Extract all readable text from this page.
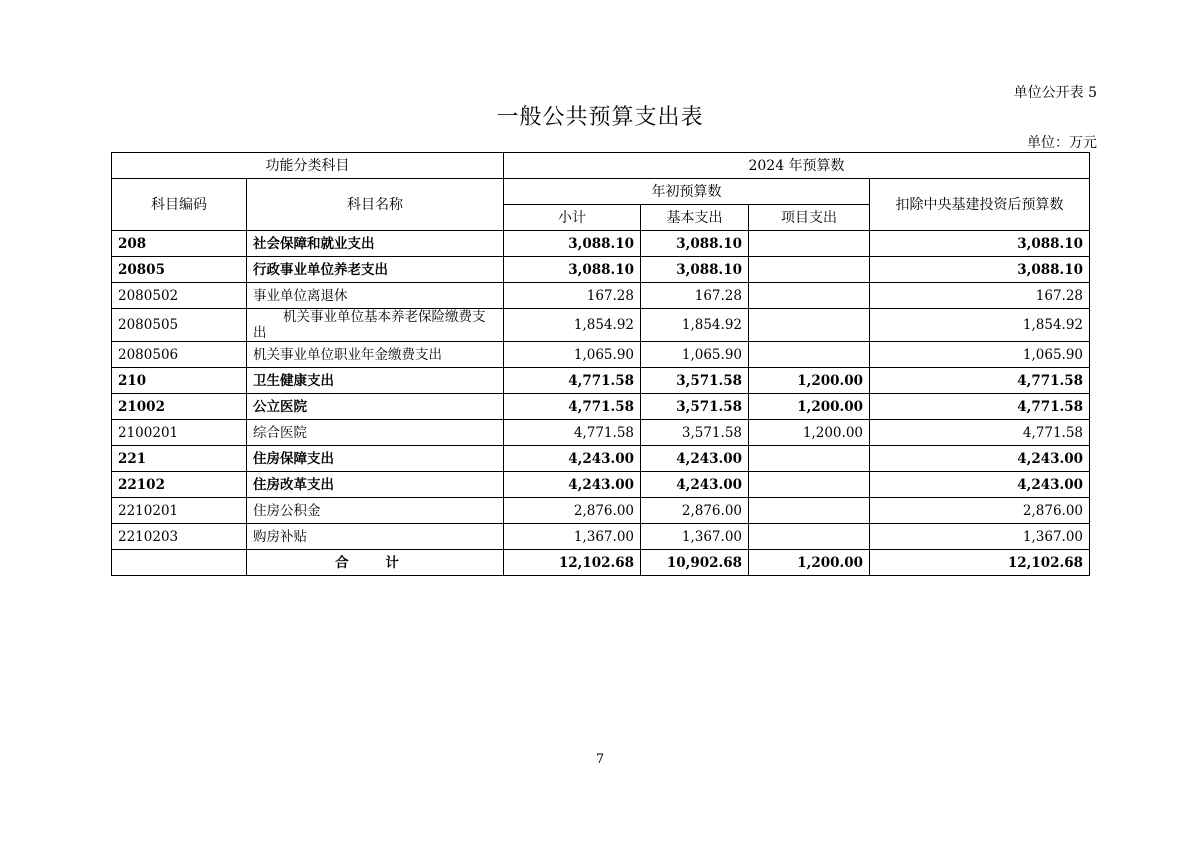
单位公开表 5
一般公共预算支出表
单位：万元
功能分类科目		2024 年预算数			
科目编码	科目名称	年初预算数			扣除中央基建投资后预算数
		小计	基本支出	项目支出	
208	社会保障和就业支出	3,088.10	3,088.10		3,088.10
20805	行政事业单位养老支出	3,088.10	3,088.10		3,088.10
2080502	事业单位离退休	167.28	167.28		167.28
2080505	机关事业单位基本养老保险缴费支出	1,854.92	1,854.92		1,854.92
2080506	机关事业单位职业年金缴费支出	1,065.90	1,065.90		1,065.90
210	卫生健康支出	4,771.58	3,571.58	1,200.00	4,771.58
21002	公立医院	4,771.58	3,571.58	1,200.00	4,771.58
2100201	综合医院	4,771.58	3,571.58	1,200.00	4,771.58
221	住房保障支出	4,243.00	4,243.00		4,243.00
22102	住房改革支出	4,243.00	4,243.00		4,243.00
2210201	住房公积金	2,876.00	2,876.00		2,876.00
2210203	购房补贴	1,367.00	1,367.00		1,367.00
	合 计	12,102.68	10,902.68	1,200.00	12,102.68
7
